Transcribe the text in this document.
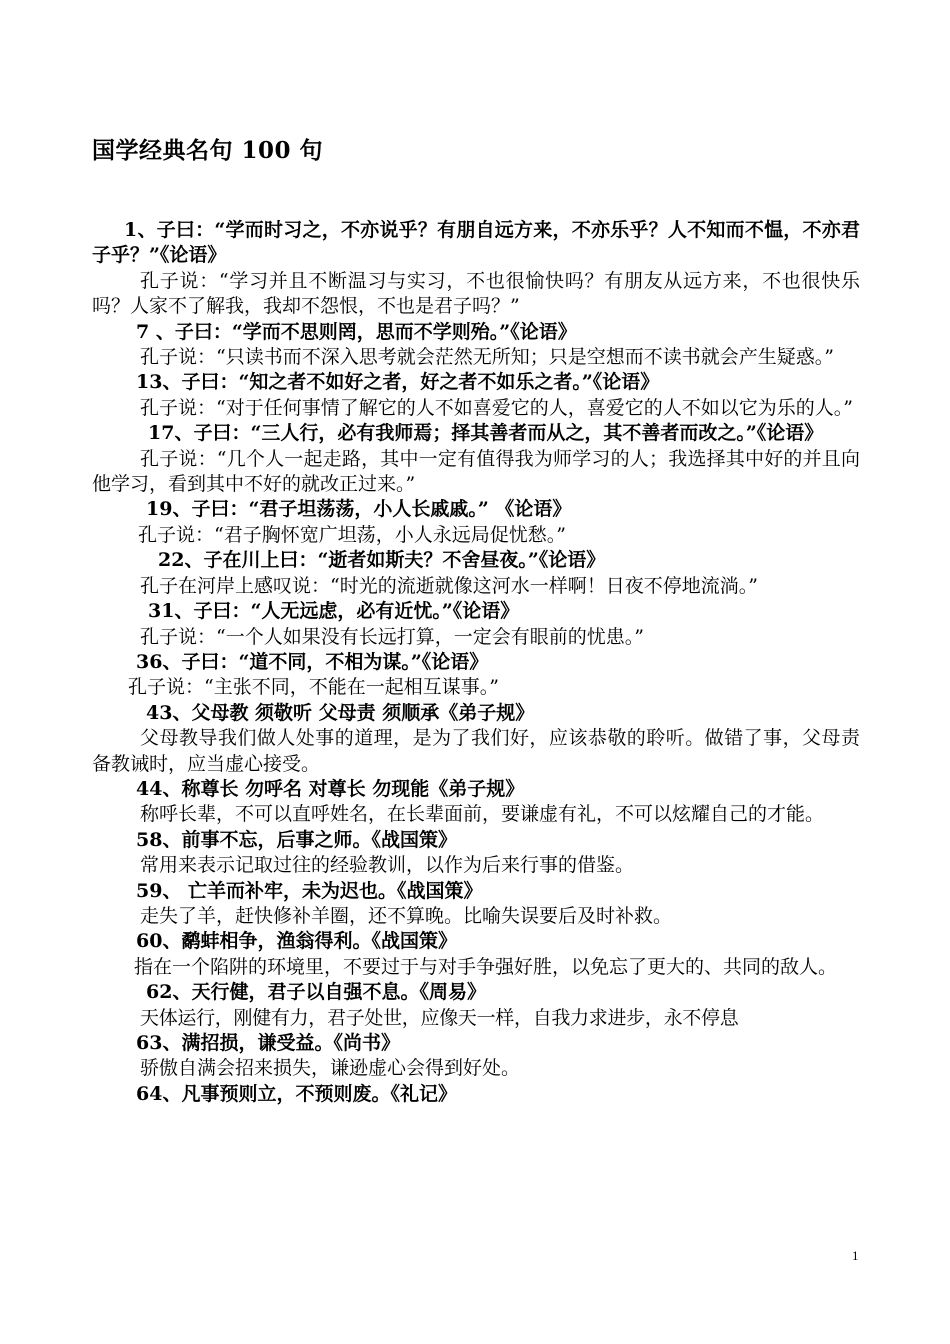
国学经典名句 100 句

1、子曰：“学而时习之，不亦说乎？有朋自远方来，不亦乐乎？人不知而不愠，不亦君子乎？”《论语》

孔子说：“学习并且不断温习与实习，不也很愉快吗？有朋友从远方来，不也很快乐吗？人家不了解我，我却不怨恨，不也是君子吗？”

7 、子曰：“学而不思则罔，思而不学则殆。”《论语》

孔子说：“只读书而不深入思考就会茫然无所知；只是空想而不读书就会产生疑惑。”

13、子曰：“知之者不如好之者，好之者不如乐之者。”《论语》

孔子说：“对于任何事情了解它的人不如喜爱它的人，喜爱它的人不如以它为乐的人。”

17、子曰：“三人行，必有我师焉；择其善者而从之，其不善者而改之。”《论语》

孔子说：“几个人一起走路，其中一定有值得我为师学习的人；我选择其中好的并且向他学习，看到其中不好的就改正过来。”

19、子曰：“君子坦荡荡，小人长戚戚。” 《论语》

孔子说：“君子胸怀宽广坦荡，小人永远局促忧愁。”

22、子在川上曰：“逝者如斯夫？不舍昼夜。”《论语》

孔子在河岸上感叹说：“时光的流逝就像这河水一样啊！日夜不停地流淌。”

31、子曰：“人无远虑，必有近忧。”《论语》

孔子说：“一个人如果没有长远打算，一定会有眼前的忧患。”

36、子曰：“道不同，不相为谋。”《论语》

孔子说：“主张不同，不能在一起相互谋事。”

43、父母教 须敬听 父母责 须顺承《弟子规》

父母教导我们做人处事的道理，是为了我们好，应该恭敬的聆听。做错了事，父母责备教诫时，应当虚心接受。

44、称尊长 勿呼名 对尊长 勿现能《弟子规》

称呼长辈，不可以直呼姓名，在长辈面前，要谦虚有礼，不可以炫耀自己的才能。

58、前事不忘，后事之师。《战国策》

常用来表示记取过往的经验教训，以作为后来行事的借鉴。

59、 亡羊而补牢，未为迟也。《战国策》

走失了羊，赶快修补羊圈，还不算晚。比喻失误要后及时补救。

60、鹬蚌相争，渔翁得利。《战国策》

指在一个陷阱的环境里，不要过于与对手争强好胜，以免忘了更大的、共同的敌人。

62、天行健，君子以自强不息。《周易》

天体运行，刚健有力，君子处世，应像天一样，自我力求进步，永不停息

63、满招损，谦受益。《尚书》

骄傲自满会招来损失，谦逊虚心会得到好处。

64、凡事预则立，不预则废。《礼记》

1
